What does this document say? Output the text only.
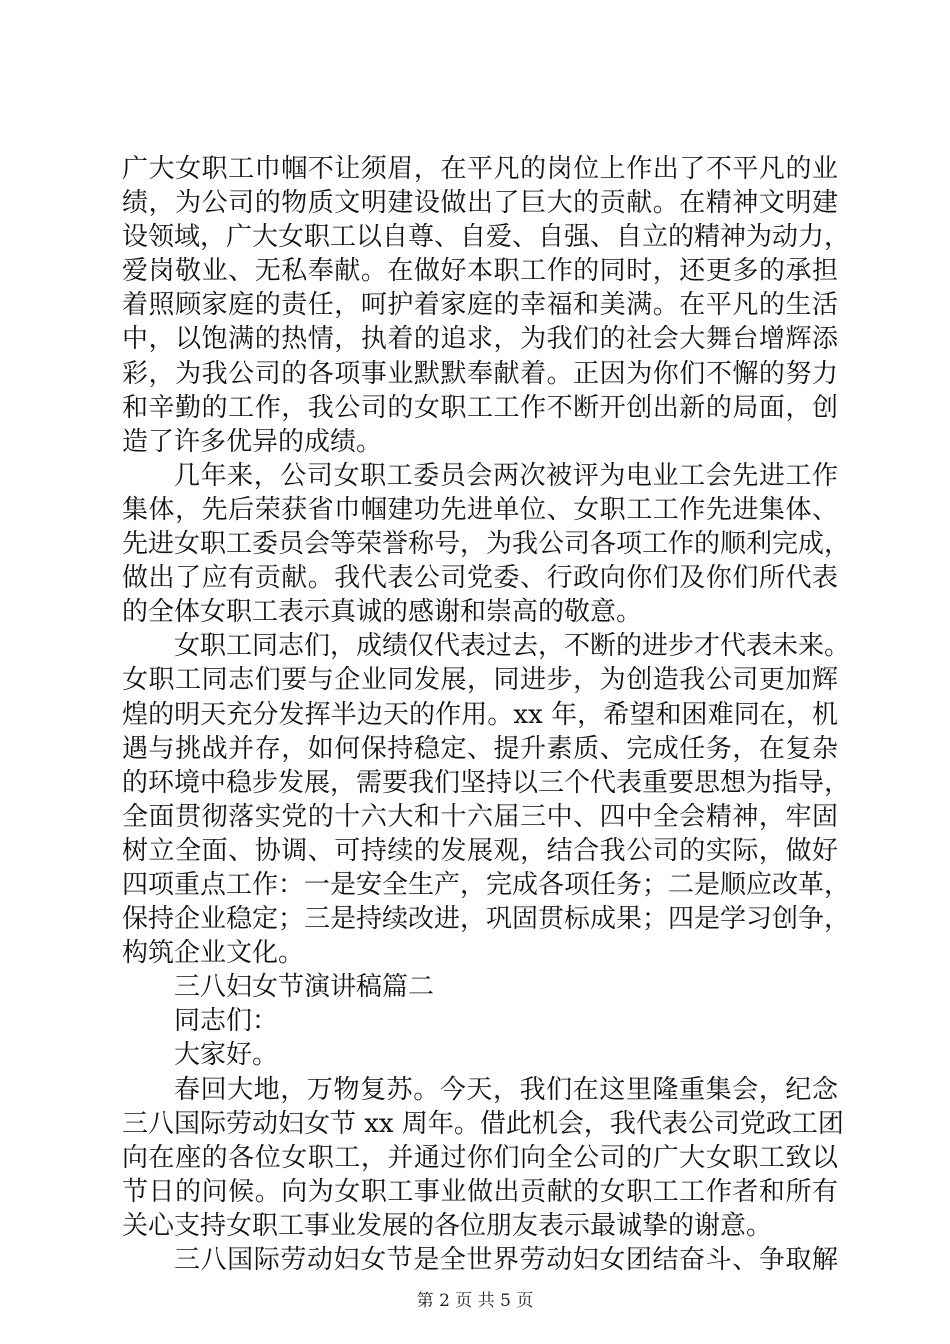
广大女职工巾帼不让须眉，在平凡的岗位上作出了不平凡的业
绩，为公司的物质文明建设做出了巨大的贡献。在精神文明建
设领域，广大女职工以自尊、自爱、自强、自立的精神为动力，
爱岗敬业、无私奉献。在做好本职工作的同时，还更多的承担
着照顾家庭的责任，呵护着家庭的幸福和美满。在平凡的生活
中，以饱满的热情，执着的追求，为我们的社会大舞台增辉添
彩，为我公司的各项事业默默奉献着。正因为你们不懈的努力
和辛勤的工作，我公司的女职工工作不断开创出新的局面，创
造了许多优异的成绩。
几年来，公司女职工委员会两次被评为电业工会先进工作
集体，先后荣获省巾帼建功先进单位、女职工工作先进集体、
先进女职工委员会等荣誉称号，为我公司各项工作的顺利完成，
做出了应有贡献。我代表公司党委、行政向你们及你们所代表
的全体女职工表示真诚的感谢和崇高的敬意。
女职工同志们，成绩仅代表过去，不断的进步才代表未来。
女职工同志们要与企业同发展，同进步，为创造我公司更加辉
煌的明天充分发挥半边天的作用。xx 年，希望和困难同在，机
遇与挑战并存，如何保持稳定、提升素质、完成任务，在复杂
的环境中稳步发展，需要我们坚持以三个代表重要思想为指导，
全面贯彻落实党的十六大和十六届三中、四中全会精神，牢固
树立全面、协调、可持续的发展观，结合我公司的实际，做好
四项重点工作：一是安全生产，完成各项任务；二是顺应改革，
保持企业稳定；三是持续改进，巩固贯标成果；四是学习创争，
构筑企业文化。
三八妇女节演讲稿篇二
同志们：
大家好。
春回大地，万物复苏。今天，我们在这里隆重集会，纪念
三八国际劳动妇女节 xx 周年。借此机会，我代表公司党政工团
向在座的各位女职工，并通过你们向全公司的广大女职工致以
节日的问候。向为女职工事业做出贡献的女职工工作者和所有
关心支持女职工事业发展的各位朋友表示最诚挚的谢意。
三八国际劳动妇女节是全世界劳动妇女团结奋斗、争取解
第 2 页 共 5 页
